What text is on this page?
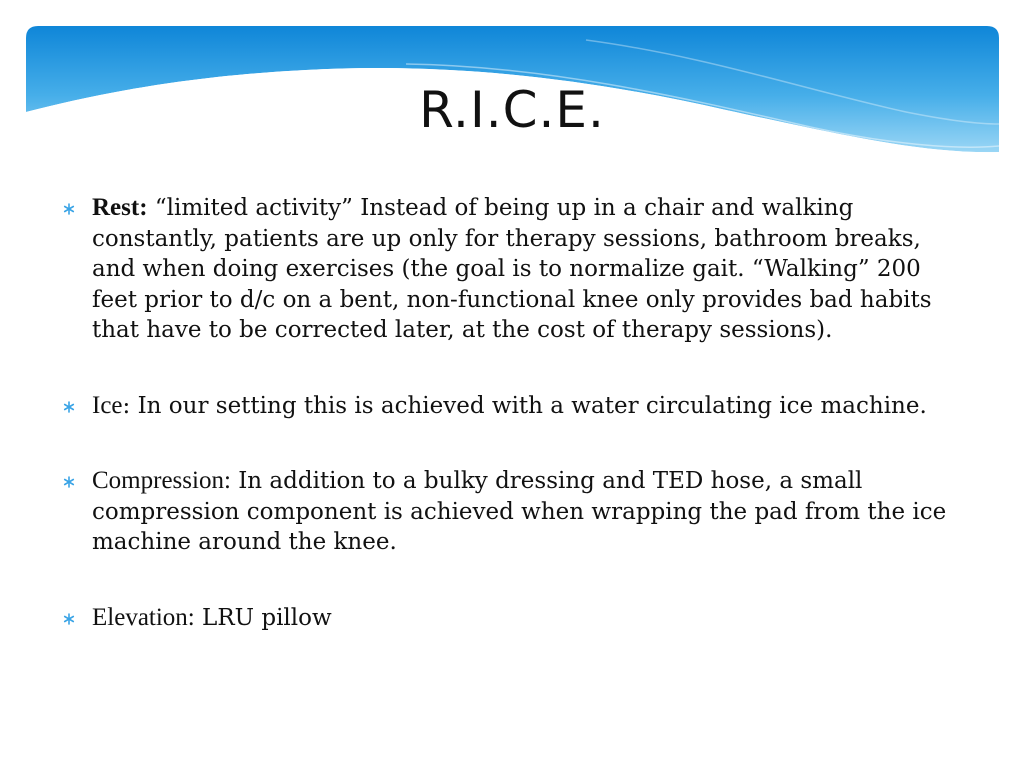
R.I.C.E.
Rest: “limited activity” Instead of being up in a chair and walking constantly, patients are up only for therapy sessions, bathroom breaks, and when doing exercises (the goal is to normalize gait. “Walking” 200 feet prior to d/c on a bent, non-functional knee only provides bad habits that have to be corrected later, at the cost of therapy sessions).
Ice: In our setting this is achieved with a water circulating ice machine.
Compression: In addition to a bulky dressing and TED hose, a small compression component is achieved when wrapping the pad from the ice machine around the knee.
Elevation: LRU pillow
